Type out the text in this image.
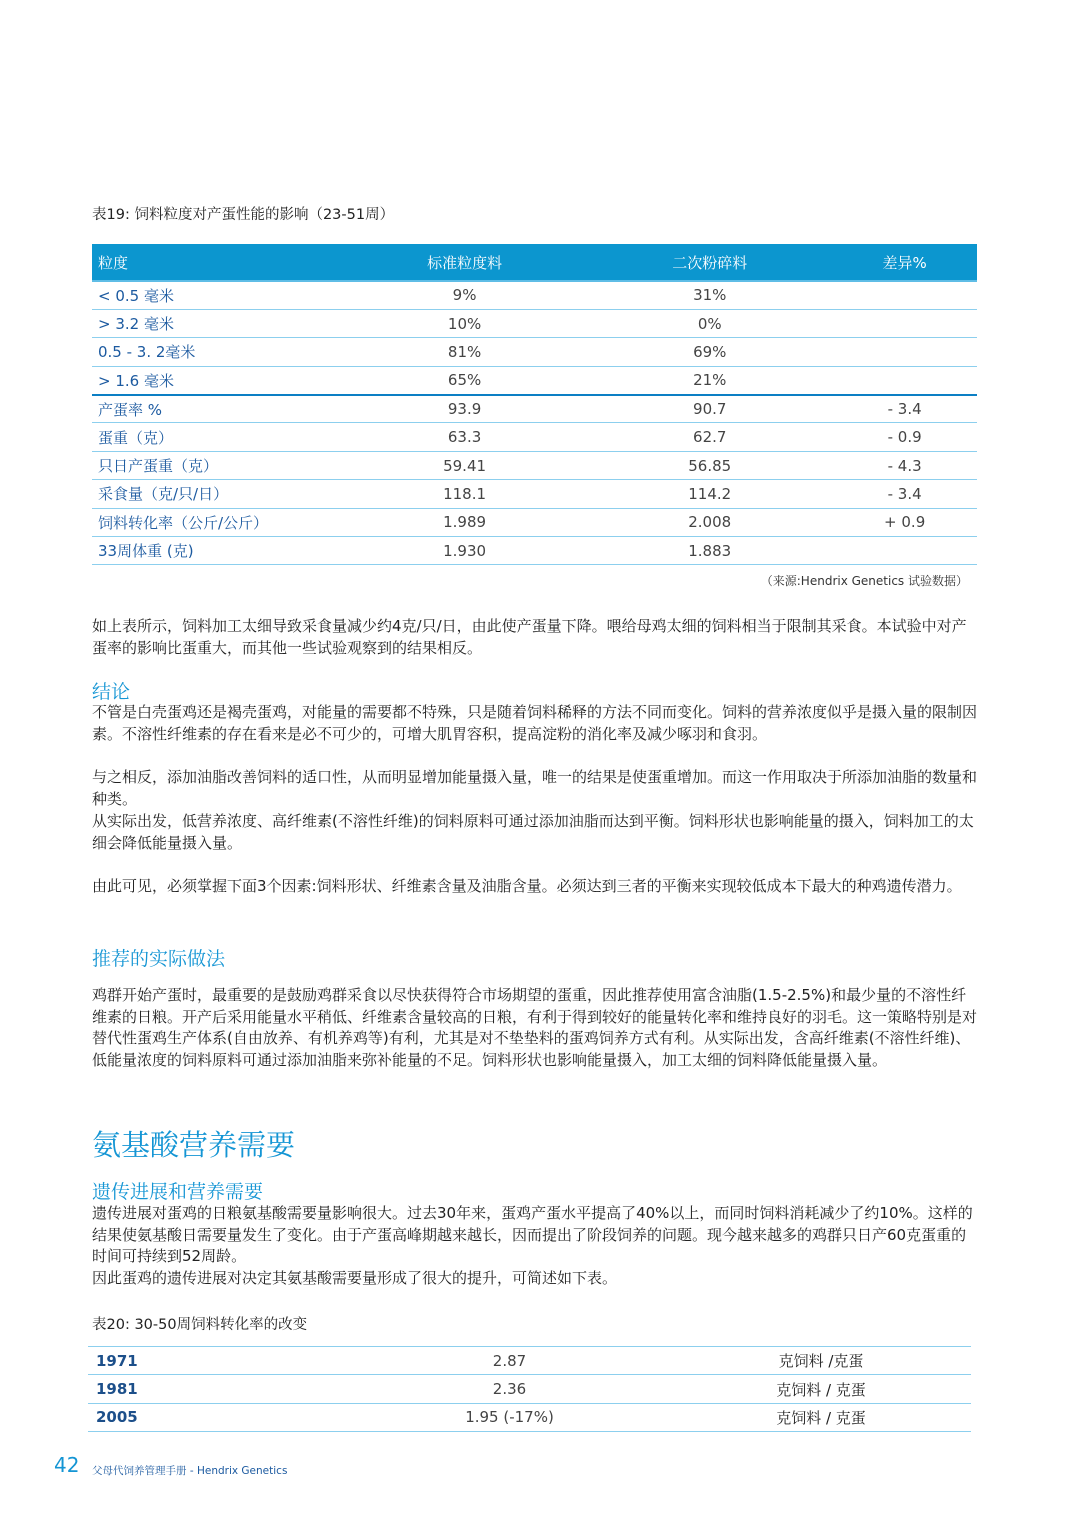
表19: 饲料粒度对产蛋性能的影响（23-51周）
粒度	标准粒度料	二次粉碎料	差异%
< 0.5 毫米	9%	31%	
> 3.2 毫米	10%	0%	
0.5 - 3. 2毫米	81%	69%	
> 1.6 毫米	65%	21%	
产蛋率 %	93.9	90.7	- 3.4
蛋重（克）	63.3	62.7	- 0.9
只日产蛋重（克）	59.41	56.85	- 4.3
采食量（克/只/日）	118.1	114.2	- 3.4
饲料转化率（公斤/公斤）	1.989	2.008	+ 0.9
33周体重 (克)	1.930	1.883	
（来源:Hendrix Genetics 试验数据）

如上表所示，饲料加工太细导致采食量减少约4克/只/日，由此使产蛋量下降。喂给母鸡太细的饲料相当于限制其采食。本试验中对产蛋率的影响比蛋重大，而其他一些试验观察到的结果相反。

结论

不管是白壳蛋鸡还是褐壳蛋鸡，对能量的需要都不特殊，只是随着饲料稀释的方法不同而变化。饲料的营养浓度似乎是摄入量的限制因素。不溶性纤维素的存在看来是必不可少的，可增大肌胃容积，提高淀粉的消化率及减少啄羽和食羽。

与之相反，添加油脂改善饲料的适口性，从而明显增加能量摄入量，唯一的结果是使蛋重增加。而这一作用取决于所添加油脂的数量和种类。

从实际出发，低营养浓度、高纤维素(不溶性纤维)的饲料原料可通过添加油脂而达到平衡。饲料形状也影响能量的摄入，饲料加工的太细会降低能量摄入量。

由此可见，必须掌握下面3个因素:饲料形状、纤维素含量及油脂含量。必须达到三者的平衡来实现较低成本下最大的种鸡遗传潜力。

推荐的实际做法

鸡群开始产蛋时，最重要的是鼓励鸡群采食以尽快获得符合市场期望的蛋重，因此推荐使用富含油脂(1.5-2.5%)和最少量的不溶性纤维素的日粮。开产后采用能量水平稍低、纤维素含量较高的日粮，有利于得到较好的能量转化率和维持良好的羽毛。这一策略特别是对替代性蛋鸡生产体系(自由放养、有机养鸡等)有利，尤其是对不垫垫料的蛋鸡饲养方式有利。从实际出发，含高纤维素(不溶性纤维)、低能量浓度的饲料原料可通过添加油脂来弥补能量的不足。饲料形状也影响能量摄入，加工太细的饲料降低能量摄入量。

氨基酸营养需要
遗传进展和营养需要

遗传进展对蛋鸡的日粮氨基酸需要量影响很大。过去30年来，蛋鸡产蛋水平提高了40%以上，而同时饲料消耗减少了约10%。这样的结果使氨基酸日需要量发生了变化。由于产蛋高峰期越来越长，因而提出了阶段饲养的问题。现今越来越多的鸡群只日产60克蛋重的时间可持续到52周龄。

因此蛋鸡的遗传进展对决定其氨基酸需要量形成了很大的提升，可简述如下表。

表20: 30-50周饲料转化率的改变
1971	2.87	克饲料 /克蛋
1981	2.36	克饲料 / 克蛋
2005	1.95 (-17%)	克饲料 / 克蛋
42 父母代饲养管理手册 - Hendrix Genetics
